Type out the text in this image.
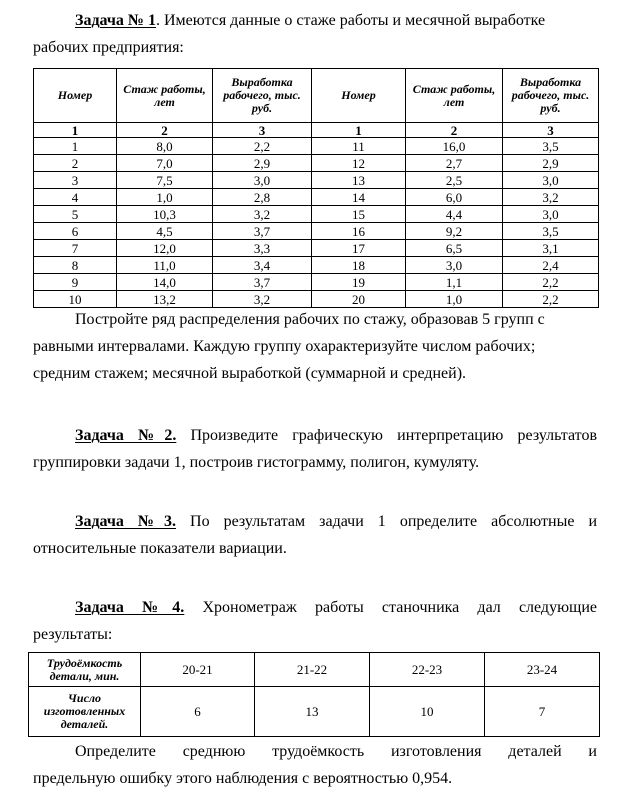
Задача № 1. Имеются данные о стаже работы и месячной выработке

рабочих предприятия:

Номер	Стаж работы, лет	Выработка рабочего, тыс. руб.	Номер	Стаж работы, лет	Выработка рабочего, тыс. руб.
1	2	3	1	2	3
1	8,0	2,2	11	16,0	3,5
2	7,0	2,9	12	2,7	2,9
3	7,5	3,0	13	2,5	3,0
4	1,0	2,8	14	6,0	3,2
5	10,3	3,2	15	4,4	3,0
6	4,5	3,7	16	9,2	3,5
7	12,0	3,3	17	6,5	3,1
8	11,0	3,4	18	3,0	2,4
9	14,0	3,7	19	1,1	2,2
10	13,2	3,2	20	1,0	2,2

Постройте ряд распределения рабочих по стажу, образовав 5 групп с

равными интервалами. Каждую группу охарактеризуйте числом рабочих;

средним стажем; месячной выработкой (суммарной и средней).

Задача №2. Произведите графическую интерпретацию результатов

группировки задачи 1, построив гистограмму, полигон, кумуляту.

Задача №3. По результатам задачи 1 определите абсолютные и

относительные показатели вариации.

Задача №4. Хронометраж работы станочника дал следующие

результаты:

Трудоёмкость детали, мин.	20-21	21-22	22-23	23-24
Число изготовленных деталей.	6	13	10	7

Определите среднюю трудоёмкость изготовления деталей и

предельную ошибку этого наблюдения с вероятностью 0,954.
